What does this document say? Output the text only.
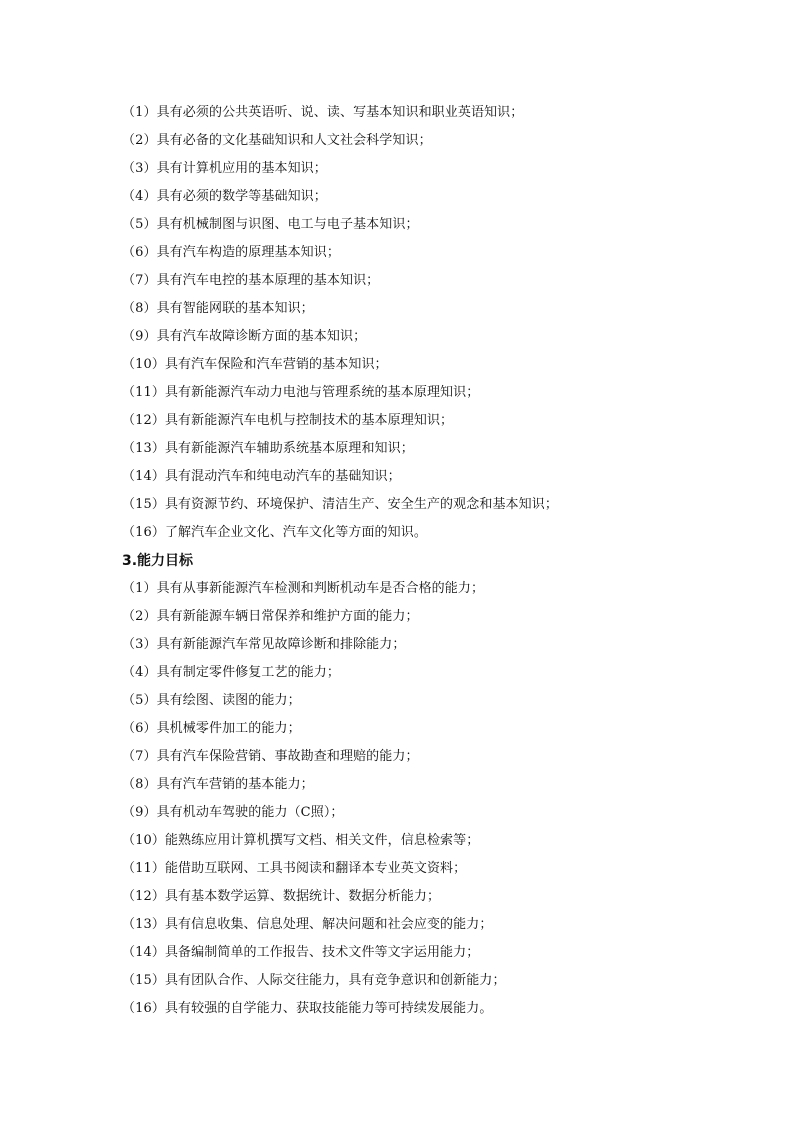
（1）具有必须的公共英语听、说、读、写基本知识和职业英语知识；
（2）具有必备的文化基础知识和人文社会科学知识；
（3）具有计算机应用的基本知识；
（4）具有必须的数学等基础知识；
（5）具有机械制图与识图、电工与电子基本知识；
（6）具有汽车构造的原理基本知识；
（7）具有汽车电控的基本原理的基本知识；
（8）具有智能网联的基本知识；
（9）具有汽车故障诊断方面的基本知识；
（10）具有汽车保险和汽车营销的基本知识；
（11）具有新能源汽车动力电池与管理系统的基本原理知识；
（12）具有新能源汽车电机与控制技术的基本原理知识；
（13）具有新能源汽车辅助系统基本原理和知识；
（14）具有混动汽车和纯电动汽车的基础知识；
（15）具有资源节约、环境保护、清洁生产、安全生产的观念和基本知识；
（16）了解汽车企业文化、汽车文化等方面的知识。
3.能力目标
（1）具有从事新能源汽车检测和判断机动车是否合格的能力；
（2）具有新能源车辆日常保养和维护方面的能力；
（3）具有新能源汽车常见故障诊断和排除能力；
（4）具有制定零件修复工艺的能力；
（5）具有绘图、读图的能力；
（6）具机械零件加工的能力；
（7）具有汽车保险营销、事故勘查和理赔的能力；
（8）具有汽车营销的基本能力；
（9）具有机动车驾驶的能力（C照）；
（10）能熟练应用计算机撰写文档、相关文件，信息检索等；
（11）能借助互联网、工具书阅读和翻译本专业英文资料；
（12）具有基本数学运算、数据统计、数据分析能力；
（13）具有信息收集、信息处理、解决问题和社会应变的能力；
（14）具备编制简单的工作报告、技术文件等文字运用能力；
（15）具有团队合作、人际交往能力，具有竞争意识和创新能力；
（16）具有较强的自学能力、获取技能能力等可持续发展能力。
